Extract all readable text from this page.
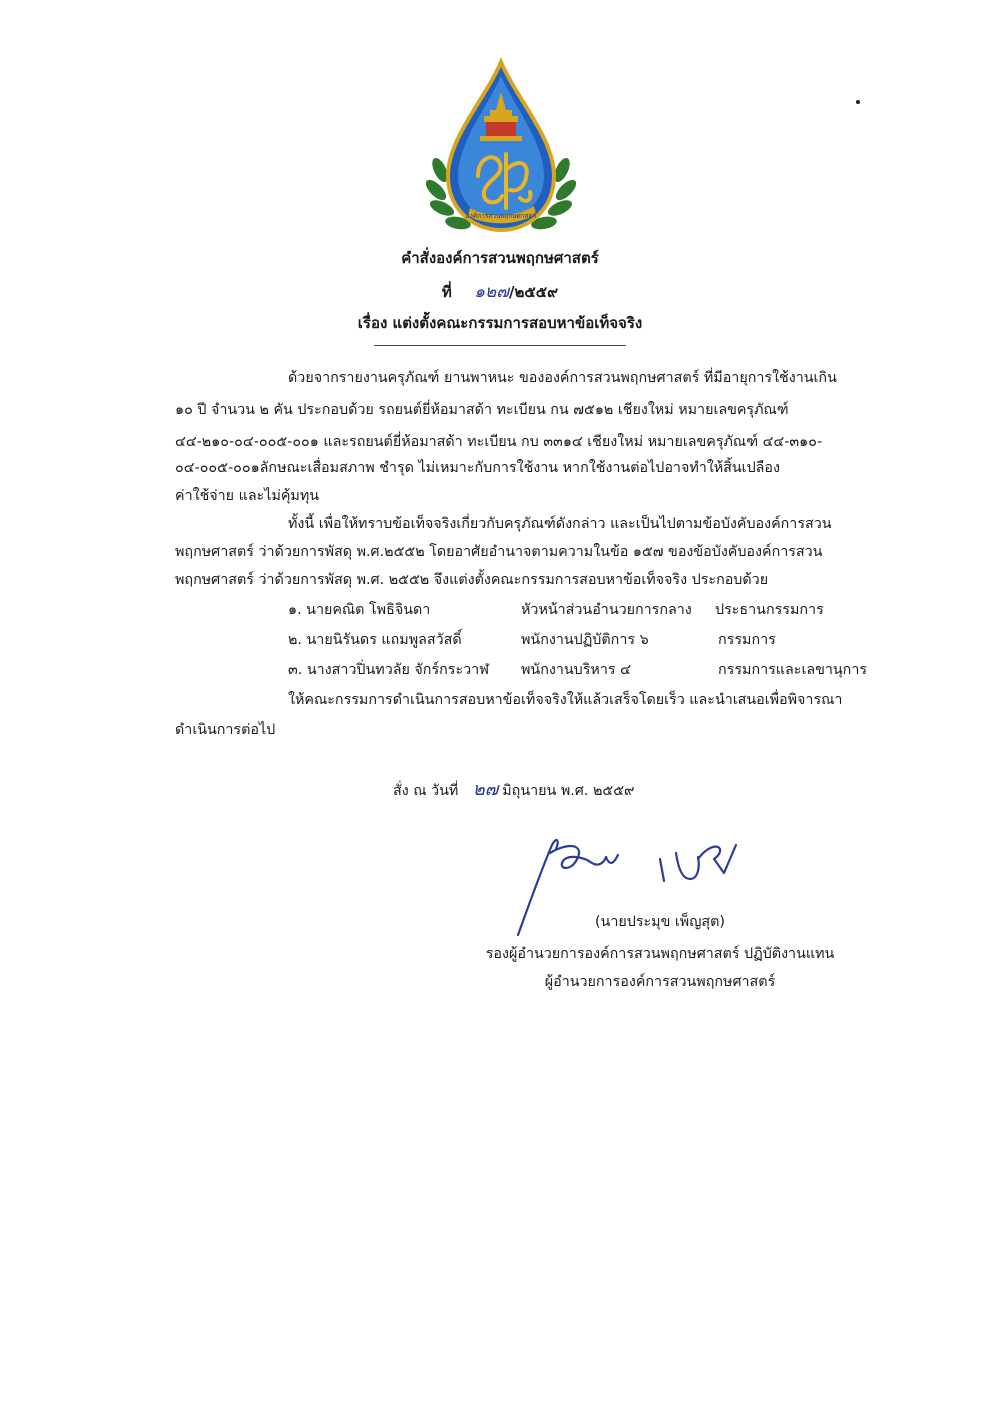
องค์การสวนพฤกษศาสตร์
คำสั่งองค์การสวนพฤกษศาสตร์
ที่ ๑๒๗/๒๕๕๙
เรื่อง แต่งตั้งคณะกรรมการสอบหาข้อเท็จจริง
ด้วยจากรายงานครุภัณฑ์ ยานพาหนะ ขององค์การสวนพฤกษศาสตร์ ที่มีอายุการใช้งานเกิน
๑๐ ปี จำนวน ๒ คัน ประกอบด้วย รถยนต์ยี่ห้อมาสด้า ทะเบียน กน ๗๕๑๒ เชียงใหม่ หมายเลขครุภัณฑ์
๔๔-๒๑๐-๐๔-๐๐๕-๐๐๑ และรถยนต์ยี่ห้อมาสด้า ทะเบียน กบ ๓๓๑๔ เชียงใหม่ หมายเลขครุภัณฑ์ ๔๔-๓๑๐-
๐๔-๐๐๕-๐๐๑ลักษณะเสื่อมสภาพ ชำรุด ไม่เหมาะกับการใช้งาน หากใช้งานต่อไปอาจทำให้สิ้นเปลือง
ค่าใช้จ่าย และไม่คุ้มทุน
ทั้งนี้ เพื่อให้ทราบข้อเท็จจริงเกี่ยวกับครุภัณฑ์ดังกล่าว และเป็นไปตามข้อบังคับองค์การสวน
พฤกษศาสตร์ ว่าด้วยการพัสดุ พ.ศ.๒๕๕๒ โดยอาศัยอำนาจตามความในข้อ ๑๕๗ ของข้อบังคับองค์การสวน
พฤกษศาสตร์ ว่าด้วยการพัสดุ พ.ศ. ๒๕๕๒ จึงแต่งตั้งคณะกรรมการสอบหาข้อเท็จจริง ประกอบด้วย
๑. นายคณิต โพธิจินดา	หัวหน้าส่วนอำนวยการกลาง ประธานกรรมการ
๒. นายนิรันดร แถมพูลสวัสดิ์	พนักงานปฏิบัติการ ๖	กรรมการ
๓. นางสาวปิ่นทวลัย จักร์กระวาฬ พนักงานบริหาร ๔	กรรมการและเลขานุการ
ให้คณะกรรมการดำเนินการสอบหาข้อเท็จจริงให้แล้วเสร็จโดยเร็ว และนำเสนอเพื่อพิจารณา
ดำเนินการต่อไป
สั่ง ณ วันที่ ๒๗ มิถุนายน พ.ศ. ๒๕๕๙
(นายประมุข เพ็ญสุต)
รองผู้อำนวยการองค์การสวนพฤกษศาสตร์ ปฏิบัติงานแทน
ผู้อำนวยการองค์การสวนพฤกษศาสตร์
